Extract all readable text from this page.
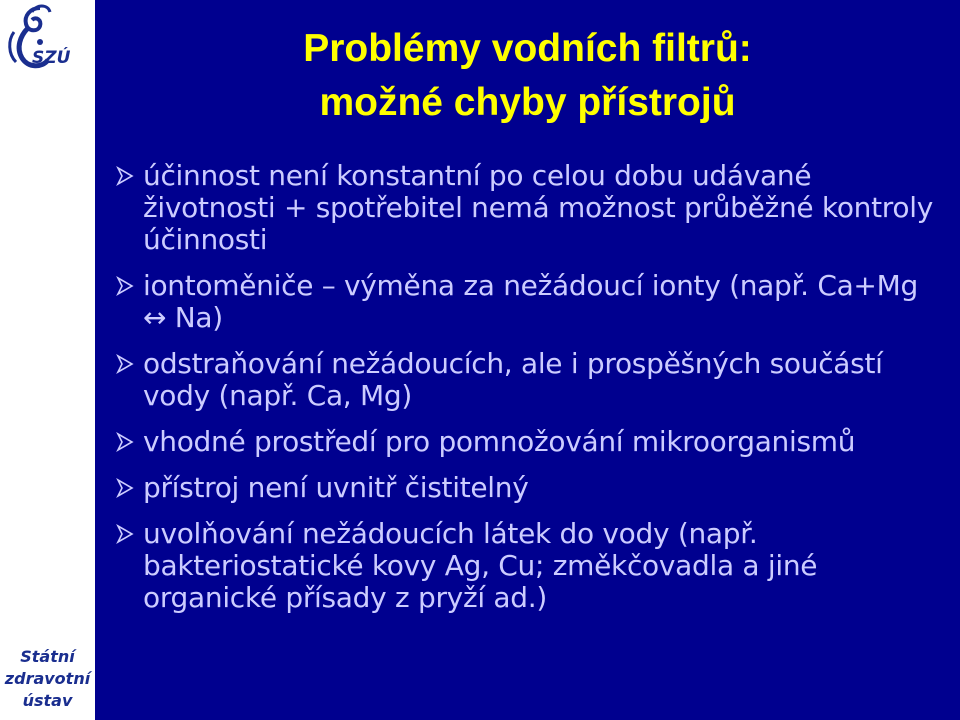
SZÚ
Státní
zdravotní
ústav
Problémy vodních filtrů:
možné chyby přístrojů
účinnost není konstantní po celou dobu udávané životnosti + spotřebitel nemá možnost průběžné kontroly účinnosti
iontoměniče – výměna za nežádoucí ionty (např. Ca+Mg ↔ Na)
odstraňování nežádoucích, ale i prospěšných součástí vody (např. Ca, Mg)
vhodné prostředí pro pomnožování mikroorganismů
přístroj není uvnitř čistitelný
uvolňování nežádoucích látek do vody (např. bakteriostatické kovy Ag, Cu; změkčovadla a jiné organické přísady z pryží ad.)
